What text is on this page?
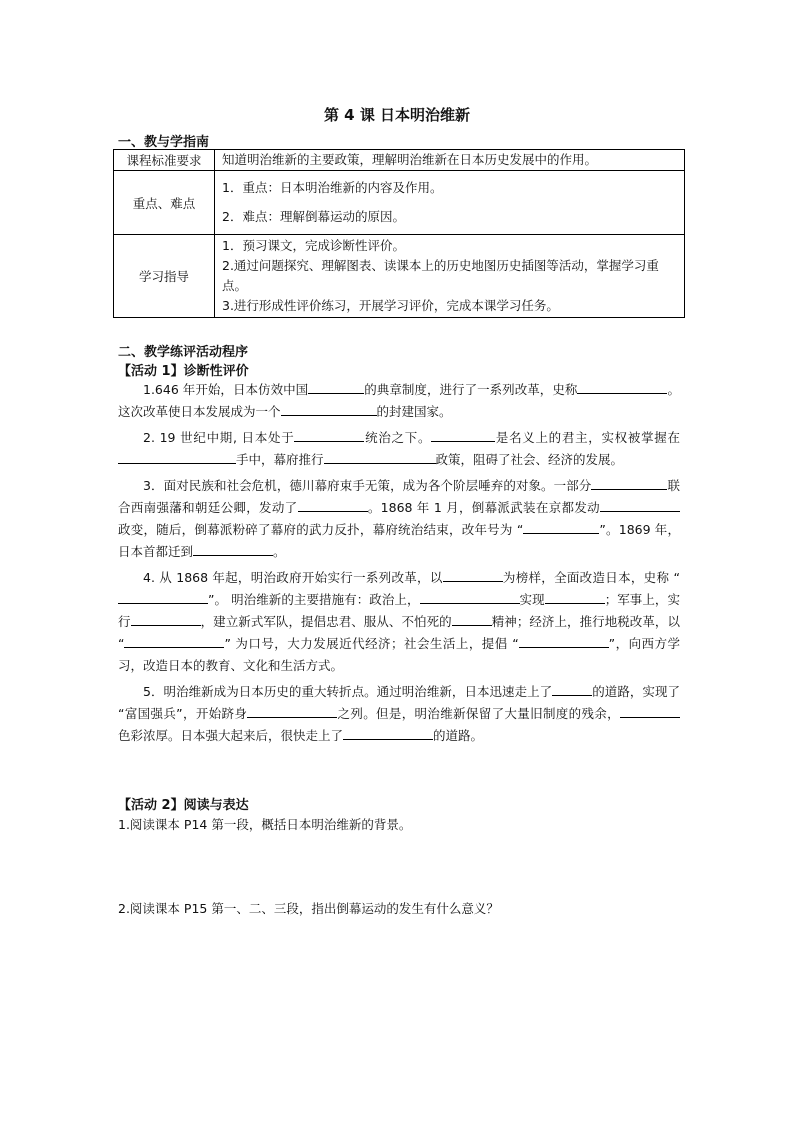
第 4 课 日本明治维新
一、教与学指南
课程标准要求	知道明治维新的主要政策，理解明治维新在日本历史发展中的作用。
重点、难点	1．重点：日本明治维新的内容及作用。
2．难点：理解倒幕运动的原因。

学习指导	1．预习课文，完成诊断性评价。
2.通过问题探究、理解图表、读课本上的历史地图历史插图等活动，掌握学习重点。
3.进行形成性评价练习，开展学习评价，完成本课学习任务。
二、教学练评活动程序
【活动 1】诊断性评价

1.646 年开始，日本仿效中国	的典章制度，进行了一系列改革，史称	。这次改革使日本发展成为一个	的封建国家。

2. 19 世纪中期, 日本处于	统治之下。	是名义上的君主，实权被掌握在手中，幕府推行	政策，阻碍了社会、经济的发展。

3．面对民族和社会危机，德川幕府束手无策，成为各个阶层唾弃的对象。一部分	联合西南强藩和朝廷公卿，发动了	。1868 年 1 月，倒幕派武装在京都发动政变，随后，倒幕派粉碎了幕府的武力反扑，幕府统治结束，改年号为 “	”。1869 年，日本首都迁到	。

4. 从 1868 年起，明治政府开始实行一系列改革，以	为榜样，全面改造日本，史称 “”。 明治维新的主要措施有：政治上，	实现	；军事上，实行	，建立新式军队，提倡忠君、服从、不怕死的	精神；经济上，推行地税改革，以 “	” 为口号，大力发展近代经济；社会生活上，提倡 “	”，向西方学习，改造日本的教育、文化和生活方式。

5．明治维新成为日本历史的重大转折点。通过明治维新，日本迅速走上了	的道路，实现了 “富国强兵”，开始跻身	之列。但是，明治维新保留了大量旧制度的残余，色彩浓厚。日本强大起来后，很快走上了	的道路。

【活动 2】阅读与表达
1.阅读课本 P14 第一段，概括日本明治维新的背景。
2.阅读课本 P15 第一、二、三段，指出倒幕运动的发生有什么意义？
